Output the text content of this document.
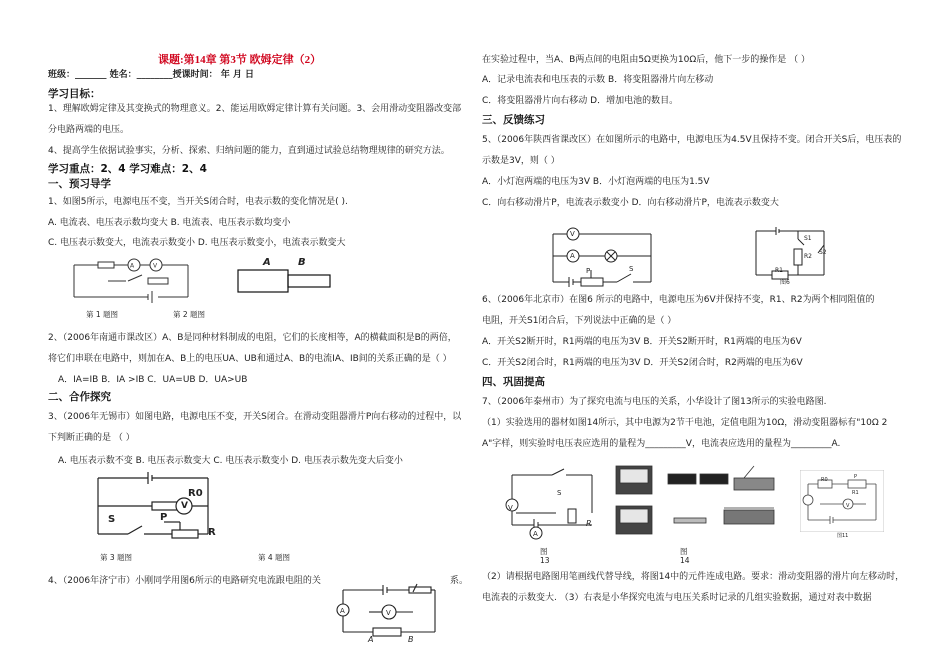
课题:第14章 第3节 欧姆定律（2）
班级：_______ 姓名：________授课时间： 年 月 日
学习目标：
1、理解欧姆定律及其变换式的物理意义。2、能运用欧姆定律计算有关问题。3、会用滑动变阻器改变部
分电路两端的电压。
4、提高学生依据试验事实，分析、探索、归纳问题的能力，直到通过试验总结物理规律的研究方法。
学习重点：2、4 学习难点：2、4
一、预习导学
1、如图5所示，电源电压不变，当开关S闭合时，电表示数的变化情况是( ).
A. 电流表、电压表示数均变大 B. 电流表、电压表示数均变小
C. 电压表示数变大，电流表示数变小 D. 电压表示数变小，电流表示数变大
A	V
第 1 题图
A	B
第 2 题图
2、（2006年南通市课改区）A、B是同种材料制成的电阻，它们的长度相等，A的横截面积是B的两倍，
将它们串联在电路中，则加在A、B上的电压UA、UB和通过A、B的电流IA、IB间的关系正确的是（ ）
A．IA=IB B．IA >IB C．UA=UB D．UA>UB
二、合作探究
3、（2006年无锡市）如图电路，电源电压不变，开关S闭合。在滑动变阻器滑片P向右移动的过程中，以
下判断正确的是 （ ）
A. 电压表示数不变 B. 电压表示数变大 C. 电压表示数变小 D. 电压表示数先变大后变小
R0
V
S	P
R
第 3 题图	第 4 题图
4、（2006年济宁市）小刚同学用图6所示的电路研究电流跟电阻的关	系。
A	V
A	B
在实验过程中，当A、B两点间的电阻由5Ω更换为10Ω后，他下一步的操作是 （ ）
A．记录电流表和电压表的示数 B．将变阻器滑片向左移动
C．将变阻器滑片向右移动 D．增加电池的数目。
三、反馈练习
5、（2006年陕西省课改区）在如图所示的电路中，电源电压为4.5V且保持不变。闭合开关S后，电压表的
示数是3V，则（ ）
A．小灯泡两端的电压为3V B．小灯泡两端的电压为1.5V
C．向右移动滑片P，电流表示数变小 D．向右移动滑片P，电流表示数变大
V
A
P	S
S1
R2
S2
R1
图6
6、（2006年北京市）在图6 所示的电路中，电源电压为6V并保持不变，R1、R2为两个相同阻值的
电阻，开关S1闭合后，下列说法中正确的是（ ）
A．开关S2断开时，R1两端的电压为3V B．开关S2断开时，R1两端的电压为6V
C．开关S2闭合时，R1两端的电压为3V D．开关S2闭合时，R2两端的电压为6V
四、巩固提高
7、（2006年泰州市）为了探究电流与电压的关系，小华设计了图13所示的实验电路图.
（1）实验选用的器材如图14所示，其中电源为2节干电池，定值电阻为10Ω，滑动变阻器标有"10Ω 2
A"字样，则实验时电压表应选用的量程为_________V，电流表应选用的量程为_________A.
V
S
A
R
图
13
图
14
R0	P
R1
V
图11
（2）请根据电路图用笔画线代替导线，将图14中的元件连成电路。要求：滑动变阻器的滑片向左移动时，
电流表的示数变大. （3）右表是小华探究电流与电压关系时记录的几组实验数据，通过对表中数据
